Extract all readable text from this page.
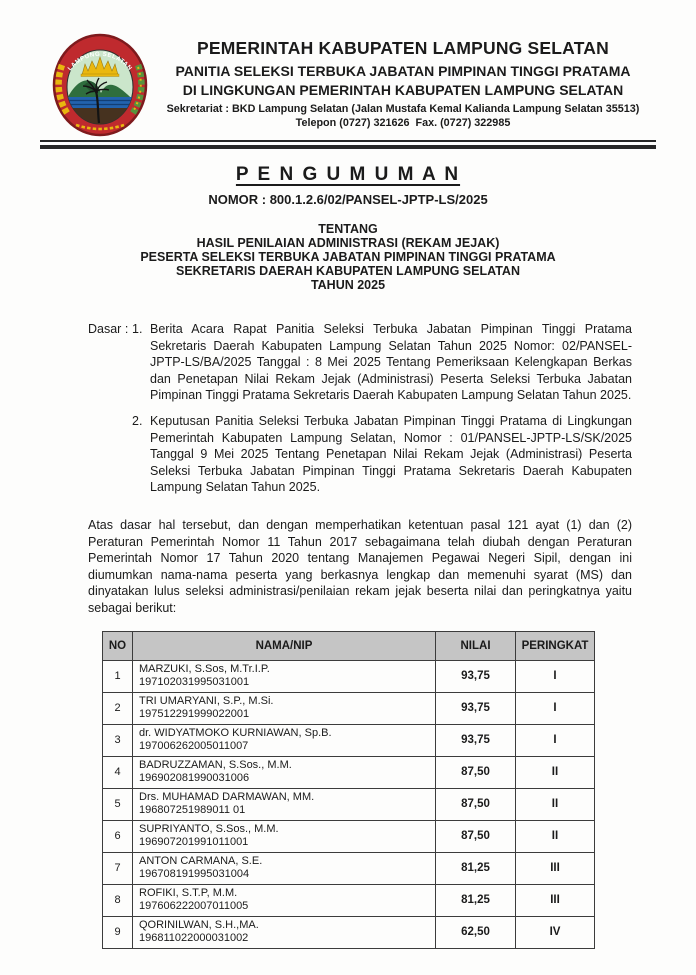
LAMPUNG SELATAN
PEMERINTAH KABUPATEN LAMPUNG SELATAN
PANITIA SELEKSI TERBUKA JABATAN PIMPINAN TINGGI PRATAMA
DI LINGKUNGAN PEMERINTAH KABUPATEN LAMPUNG SELATAN
Sekretariat : BKD Lampung Selatan (Jalan Mustafa Kemal Kalianda Lampung Selatan 35513)
Telepon (0727) 321626  Fax. (0727) 322985
P E N G U M U M A N
NOMOR : 800.1.2.6/02/PANSEL-JPTP-LS/2025
TENTANG
HASIL PENILAIAN ADMINISTRASI (REKAM JEJAK)
PESERTA SELEKSI TERBUKA JABATAN PIMPINAN TINGGI PRATAMA
SEKRETARIS DAERAH KABUPATEN LAMPUNG SELATAN
TAHUN 2025
Dasar : 1. Berita Acara Rapat Panitia Seleksi Terbuka Jabatan Pimpinan Tinggi Pratama Sekretaris Daerah Kabupaten Lampung Selatan Tahun 2025 Nomor: 02/PANSEL-JPTP-LS/BA/2025 Tanggal : 8 Mei 2025 Tentang Pemeriksaan Kelengkapan Berkas dan Penetapan Nilai Rekam Jejak (Administrasi) Peserta Seleksi Terbuka Jabatan Pimpinan Tinggi Pratama Sekretaris Daerah Kabupaten Lampung Selatan Tahun 2025.
2. Keputusan Panitia Seleksi Terbuka Jabatan Pimpinan Tinggi Pratama di Lingkungan Pemerintah Kabupaten Lampung Selatan, Nomor : 01/PANSEL-JPTP-LS/SK/2025 Tanggal 9 Mei 2025 Tentang Penetapan Nilai Rekam Jejak (Administrasi) Peserta Seleksi Terbuka Jabatan Pimpinan Tinggi Pratama Sekretaris Daerah Kabupaten Lampung Selatan Tahun 2025.

Atas dasar hal tersebut, dan dengan memperhatikan ketentuan pasal 121 ayat (1) dan (2) Peraturan Pemerintah Nomor 11 Tahun 2017 sebagaimana telah diubah dengan Peraturan Pemerintah Nomor 17 Tahun 2020 tentang Manajemen Pegawai Negeri Sipil, dengan ini diumumkan nama-nama peserta yang berkasnya lengkap dan memenuhi syarat (MS) dan dinyatakan lulus seleksi administrasi/penilaian rekam jejak beserta nilai dan peringkatnya yaitu sebagai berikut:

NO	NAMA/NIP	NILAI	PERINGKAT
1	MARZUKI, S.Sos, M.Tr.I.P.
197102031995031001	93,75	I
2	TRI UMARYANI, S.P., M.Si.
197512291999022001	93,75	I
3	dr. WIDYATMOKO KURNIAWAN, Sp.B.
197006262005011007	93,75	I
4	BADRUZZAMAN, S.Sos., M.M.
196902081990031006	87,50	II
5	Drs. MUHAMAD DARMAWAN, MM.
196807251989011 01	87,50	II
6	SUPRIYANTO, S.Sos., M.M.
196907201991011001	87,50	II
7	ANTON CARMANA, S.E.
196708191995031004	81,25	III
8	ROFIKI, S.T.P, M.M.
197606222007011005	81,25	III
9	QORINILWAN, S.H.,MA.
196811022000031002	62,50	IV
